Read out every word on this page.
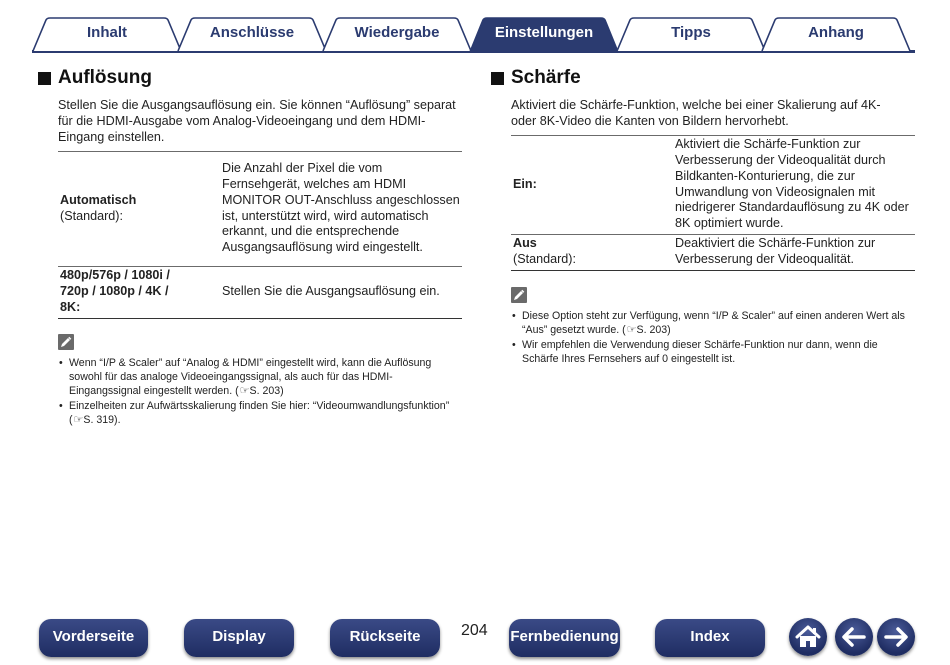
Inhalt	Anschlüsse	Wiedergabe	Einstellungen	Tipps	Anhang
Auflösung

Stellen Sie die Ausgangsauflösung ein. Sie können “Auflösung” separat für die HDMI-Ausgabe vom Analog-Videoeingang und dem HDMI-Eingang einstellen.

Automatisch
(Standard):	Die Anzahl der Pixel die vom Fernsehgerät, welches am HDMI MONITOR OUT-Anschluss angeschlossen ist, unterstützt wird, wird automatisch erkannt, und die entsprechende Ausgangsauflösung wird eingestellt.

480p/576p / 1080i / 720p / 1080p / 4K / 8K:	Stellen Sie die Ausgangsauflösung ein.
• Wenn “I/P & Scaler” auf “Analog & HDMI” eingestellt wird, kann die Auflösung sowohl für das analoge Videoeingangssignal, als auch für das HDMI-Eingangssignal eingestellt werden. (☞S. 203)
• Einzelheiten zur Aufwärtsskalierung finden Sie hier: “Videoumwandlungsfunktion” (☞S. 319).
Schärfe

Aktiviert die Schärfe-Funktion, welche bei einer Skalierung auf 4K- oder 8K-Video die Kanten von Bildern hervorhebt.

Ein:	Aktiviert die Schärfe-Funktion zur Verbesserung der Videoqualität durch Bildkanten-Konturierung, die zur Umwandlung von Videosignalen mit niedrigerer Standardauflösung zu 4K oder 8K optimiert wurde.

Aus
(Standard):	Deaktiviert die Schärfe-Funktion zur Verbesserung der Videoqualität.
• Diese Option steht zur Verfügung, wenn “I/P & Scaler” auf einen anderen Wert als “Aus” gesetzt wurde. (☞S. 203)
• Wir empfehlen die Verwendung dieser Schärfe-Funktion nur dann, wenn die Schärfe Ihres Fernsehers auf 0 eingestellt ist.
Vorderseite	Display	Rückseite	204 Fernbedienung	Index
